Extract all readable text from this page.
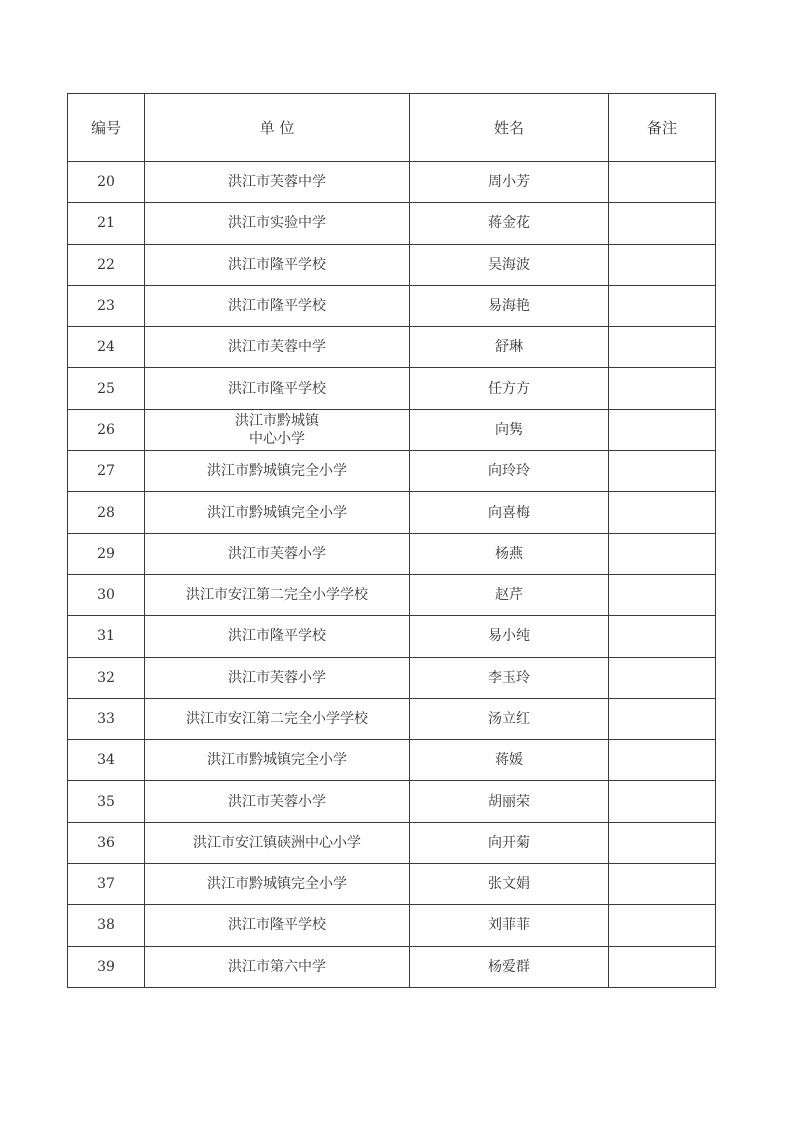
编号	单 位	姓名	备注
20	洪江市芙蓉中学	周小芳	
21	洪江市实验中学	蒋金花	
22	洪江市隆平学校	吴海波	
23	洪江市隆平学校	易海艳	
24	洪江市芙蓉中学	舒琳	
25	洪江市隆平学校	任方方	
26	洪江市黔城镇
中心小学	向隽	
27	洪江市黔城镇完全小学	向玲玲	
28	洪江市黔城镇完全小学	向喜梅	
29	洪江市芙蓉小学	杨燕	
30	洪江市安江第二完全小学学校	赵芹	
31	洪江市隆平学校	易小纯	
32	洪江市芙蓉小学	李玉玲	
33	洪江市安江第二完全小学学校	汤立红	
34	洪江市黔城镇完全小学	蒋媛	
35	洪江市芙蓉小学	胡丽荣	
36	洪江市安江镇硖洲中心小学	向开菊	
37	洪江市黔城镇完全小学	张文娟	
38	洪江市隆平学校	刘菲菲	
39	洪江市第六中学	杨爱群	
